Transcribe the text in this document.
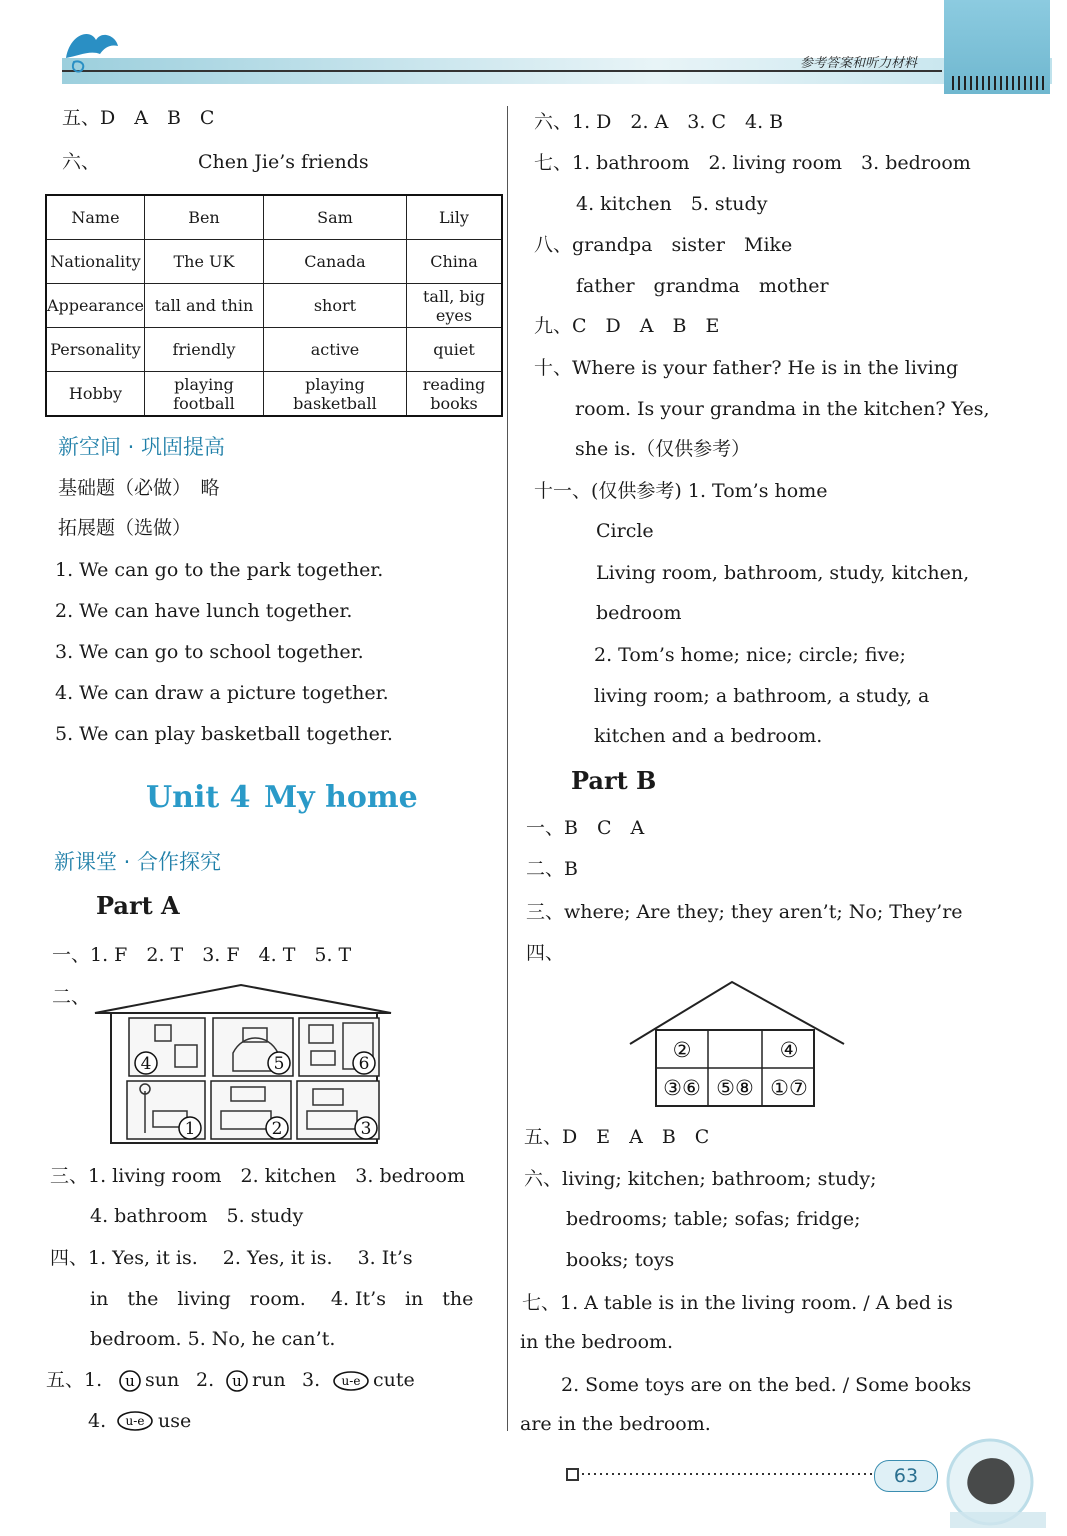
参考答案和听力材料
五、D　A　B　C
六、	Chen Jie’s friends
Name	Ben	Sam	Lily
Nationality	The UK	Canada	China
Appearance	tall and thin	short	tall, big eyes
Personality	friendly	active	quiet
Hobby	playing football	playing basketball	reading books
新空间 · 巩固提高
基础题（必做）　略
拓展题（选做）
1. We can go to the park together.
2. We can have lunch together.
3. We can go to school together.
4. We can draw a picture together.
5. We can play basketball together.
Unit 4 My home
新课堂 · 合作探究
Part A
一、1. F　2. T　3. F　4. T　5. T
二、
4	5	6
1	2	3
三、1. living room　2. kitchen　3. bedroom
4. bathroom　5. study
四、1. Yes, it is.　 2. Yes, it is.　 3. It’s
in　the　living　room.　 4. It’s　in　the
bedroom. 5. No, he can’t.
五、1. u sun 2. u run 3. u-e cute
4. u-e use
六、1. D　2. A　3. C　4. B
七、1. bathroom　2. living room　3. bedroom
4. kitchen　5. study
八、grandpa　sister　Mike
father　grandma　mother
九、C　D　A　B　E
十、Where is your father? He is in the living
room. Is your grandma in the kitchen? Yes,
she is.（仅供参考）
十一、(仅供参考) 1. Tom’s home
Circle
Living room, bathroom, study, kitchen,
bedroom
2. Tom’s home; nice; circle; five;
living room; a bathroom, a study, a
kitchen and a bedroom.
Part B
一、B　C　A
二、B
三、where; Are they; they aren’t; No; They’re
四、
②	④
③⑥ ⑤⑧ ①⑦
五、D　E　A　B　C
六、living; kitchen; bathroom; study;
bedrooms; table; sofas; fridge;
books; toys
七、1. A table is in the living room. / A bed is
in the bedroom.
2. Some toys are on the bed. / Some books
are in the bedroom.
63
